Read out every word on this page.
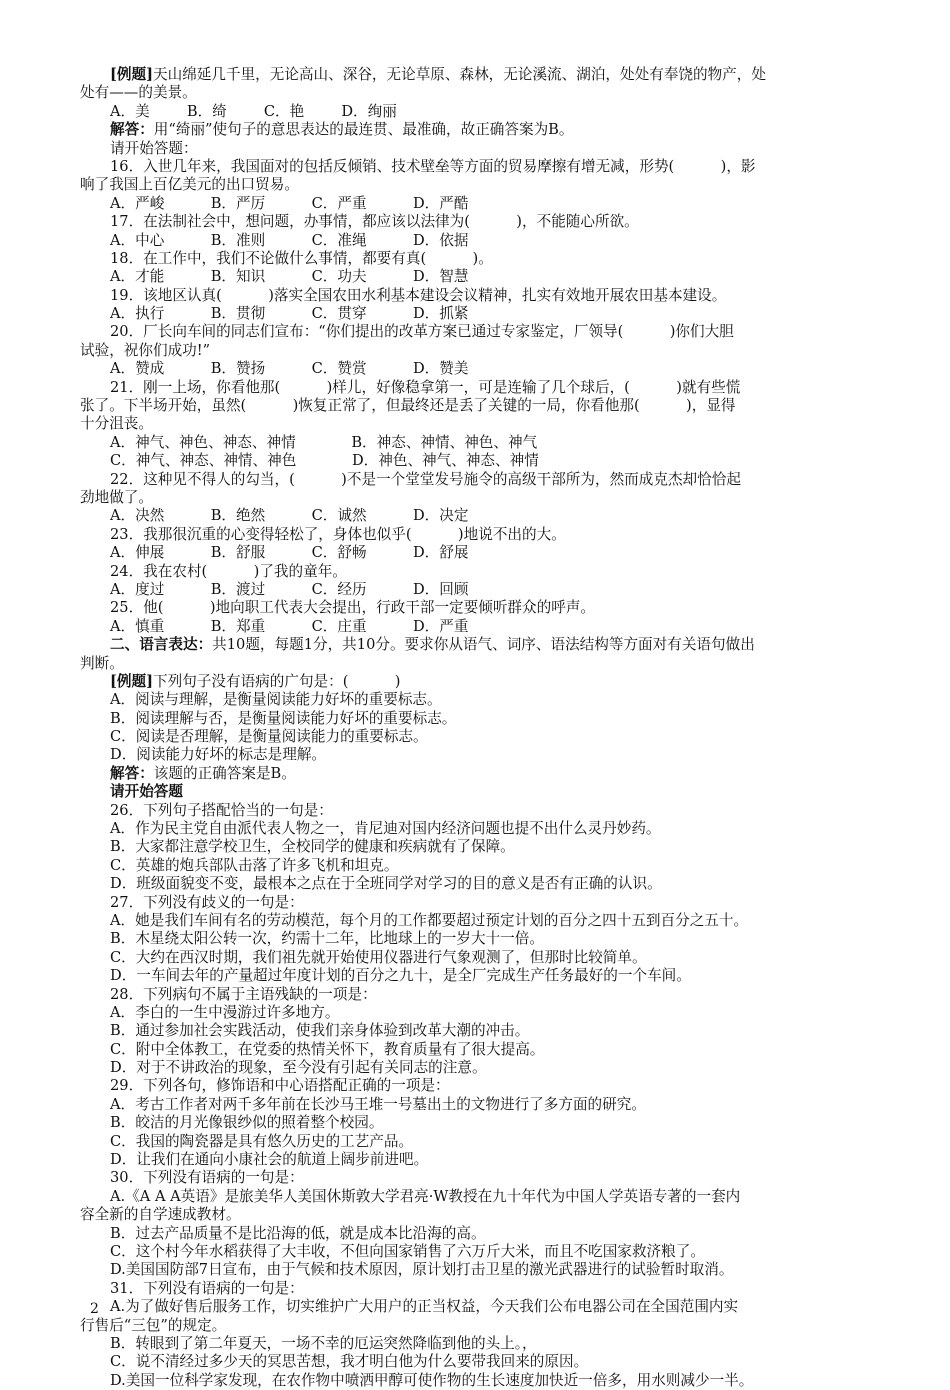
[例题]天山绵延几千里，无论高山、深谷，无论草原、森林，无论溪流、湖泊，处处有奉饶的物产，处
处有——的美景。
A．美        B．绮        C．艳        D．绚丽
解答：用“绮丽”使句子的意思表达的最连贯、最准确，故正确答案为B。
请开始答题：
16．入世几年来，我国面对的包括反倾销、技术壁垒等方面的贸易摩擦有增无减，形势(          )，影
响了我国上百亿美元的出口贸易。
A．严峻          B．严厉          C．严重          D．严酷
17．在法制社会中，想问题，办事情，都应该以法律为(          )，不能随心所欲。
A．中心          B．准则          C．准绳          D．依据
18．在工作中，我们不论做什么事情，都要有真(          )。
A．才能          B．知识          C．功夫          D．智慧
19．该地区认真(          )落实全国农田水利基本建设会议精神，扎实有效地开展农田基本建设。
A．执行          B．贯彻          C．贯穿          D．抓紧
20．厂长向车间的同志们宣布：“你们提出的改革方案已通过专家鉴定，厂领导(          )你们大胆
试验，祝你们成功!”
A．赞成          B．赞扬          C．赞赏          D．赞美
21．刚一上场，你看他那(          )样儿，好像稳拿第一，可是连输了几个球后，(          )就有些慌
张了。下半场开始，虽然(          )恢复正常了，但最终还是丢了关键的一局，你看他那(          )，显得
十分沮丧。
A．神气、神色、神态、神情            B．神态、神情、神色、神气
C．神气、神态、神情、神色            D．神色、神气、神态、神情
22．这种见不得人的勾当，(          )不是一个堂堂发号施令的高级干部所为，然而成克杰却恰恰起
劲地做了。
A．决然          B．绝然          C．诚然          D．决定
23．我那很沉重的心变得轻松了，身体也似乎(          )地说不出的大。
A．伸展          B．舒服          C．舒畅          D．舒展
24．我在农村(          )了我的童年。
A．度过          B．渡过          C．经历          D．回顾
25．他(          )地向职工代表大会提出，行政干部一定要倾听群众的呼声。
A．慎重          B．郑重          C．庄重          D．严重
二、语言表达：共10题，每题1分，共10分。要求你从语气、词序、语法结构等方面对有关语句做出
判断。
[例题]下列句子没有语病的广句是：(          )
A．阅读与理解，是衡量阅读能力好坏的重要标志。
B．阅读理解与否，是衡量阅读能力好坏的重要标志。
C．阅读是否理解，是衡量阅读能力的重要标志。
D．阅读能力好坏的标志是理解。
解答：该题的正确答案是B。
请开始答题
26．下列句子搭配恰当的一句是：
A．作为民主党自由派代表人物之一，肯尼迪对国内经济问题也提不出什么灵丹妙药。
B．大家都注意学校卫生，全校同学的健康和疾病就有了保障。
C．英雄的炮兵部队击落了许多飞机和坦克。
D．班级面貌变不变，最根本之点在于全班同学对学习的目的意义是否有正确的认识。
27．下列没有歧义的一句是：
A．她是我们车间有名的劳动模范，每个月的工作都要超过预定计划的百分之四十五到百分之五十。
B．木星绕太阳公转一次，约需十二年，比地球上的一岁大十一倍。
C．大约在西汉时期，我们祖先就开始使用仪器进行气象观测了，但那时比较简单。
D．一车间去年的产量超过年度计划的百分之九十，是全厂完成生产任务最好的一个车间。
28．下列病句不属于主语残缺的一项是：
A．李白的一生中漫游过许多地方。
B．通过参加社会实践活动，使我们亲身体验到改革大潮的冲击。
C．附中全体教工，在党委的热情关怀下，教育质量有了很大提高。
D．对于不讲政治的现象，至今没有引起有关同志的注意。
29．下列各句，修饰语和中心语搭配正确的一项是：
A．考古工作者对两千多年前在长沙马王堆一号墓出土的文物进行了多方面的研究。
B．皎洁的月光像银纱似的照着整个校园。
C．我国的陶瓷器是具有悠久历史的工艺产品。
D．让我们在通向小康社会的航道上阔步前进吧。
30．下列没有语病的一句是：
A.《A A A英语》是旅美华人美国休斯敦大学君亮·W教授在九十年代为中国人学英语专著的一套内
容全新的自学速成教材。
B．过去产品质量不是比沿海的低，就是成本比沿海的高。
C．这个村今年水稻获得了大丰收，不但向国家销售了六万斤大米，而且不吃国家救济粮了。
D.美国国防部7日宣布，由于气候和技术原因，原计划打击卫星的激光武器进行的试验暂时取消。
31．下列没有语病的一句是：
A.为了做好售后服务工作，切实维护广大用户的正当权益，今天我们公布电器公司在全国范围内实
行售后“三包”的规定。
B．转眼到了第二年夏天，一场不幸的厄运突然降临到他的头上。，
C．说不清经过多少天的冥思苦想，我才明白他为什么要带我回来的原因。
D.美国一位科学家发现，在农作物中喷洒甲醇可使作物的生长速度加快近一倍多，用水则减少一半。
2
